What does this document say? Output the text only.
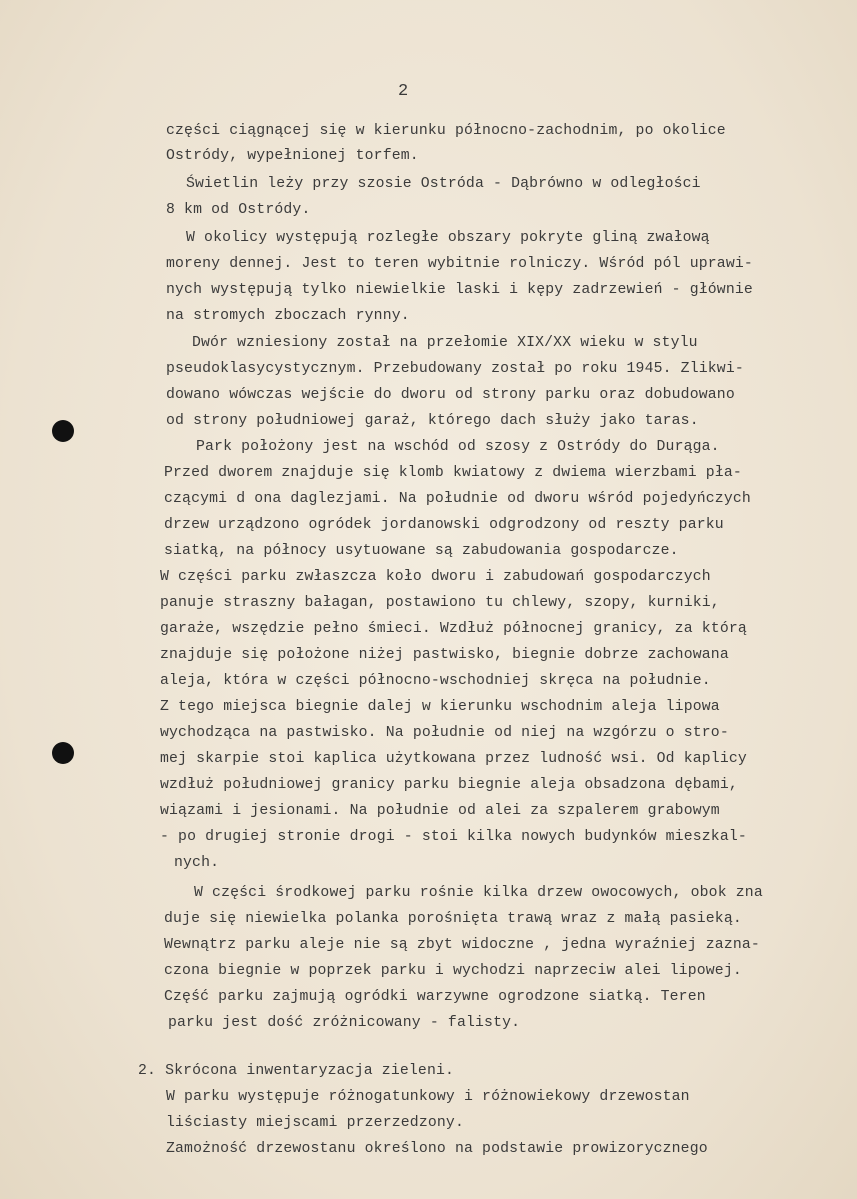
2
części ciągnącej się w kierunku północno-zachodnim, po okolice
Ostródy, wypełnionej torfem.
Świetlin leży przy szosie Ostróda - Dąbrówno w odległości
8 km od Ostródy.
W okolicy występują rozległe obszary pokryte gliną zwałową
moreny dennej. Jest to teren wybitnie rolniczy. Wśród pól uprawi-
nych występują tylko niewielkie laski i kępy zadrzewień - głównie
na stromych zboczach rynny.
Dwór wzniesiony został na przełomie XIX/XX wieku w stylu
pseudoklasycystycznym. Przebudowany został po roku 1945. Zlikwi-
dowano wówczas wejście do dworu od strony parku oraz dobudowano
od strony południowej garaż, którego dach służy jako taras.
Park położony jest na wschód od szosy z Ostródy do Durąga.
Przed dworem znajduje się klomb kwiatowy z dwiema wierzbami pła-
czącymi d ona daglezjami. Na południe od dworu wśród pojedyńczych
drzew urządzono ogródek jordanowski odgrodzony od reszty parku
siatką, na północy usytuowane są zabudowania gospodarcze.
W części parku zwłaszcza koło dworu i zabudowań gospodarczych
panuje straszny bałagan, postawiono tu chlewy, szopy, kurniki,
garaże, wszędzie pełno śmieci. Wzdłuż północnej granicy, za którą
znajduje się położone niżej pastwisko, biegnie dobrze zachowana
aleja, która w części północno-wschodniej skręca na południe.
Z tego miejsca biegnie dalej w kierunku wschodnim aleja lipowa
wychodząca na pastwisko. Na południe od niej na wzgórzu o stro-
mej skarpie stoi kaplica użytkowana przez ludność wsi. Od kaplicy
wzdłuż południowej granicy parku biegnie aleja obsadzona dębami,
wiązami i jesionami. Na południe od alei za szpalerem grabowym
- po drugiej stronie drogi - stoi kilka nowych budynków mieszkal-
nych.
W części środkowej parku rośnie kilka drzew owocowych, obok zna
duje się niewielka polanka porośnięta trawą wraz z małą pasieką.
Wewnątrz parku aleje nie są zbyt widoczne , jedna wyraźniej zazna-
czona biegnie w poprzek parku i wychodzi naprzeciw alei lipowej.
Część parku zajmują ogródki warzywne ogrodzone siatką. Teren
parku jest dość zróżnicowany - falisty.
2. Skrócona inwentaryzacja zieleni.
W parku występuje różnogatunkowy i różnowiekowy drzewostan
liściasty miejscami przerzedzony.
Zamożność drzewostanu określono na podstawie prowizorycznego
